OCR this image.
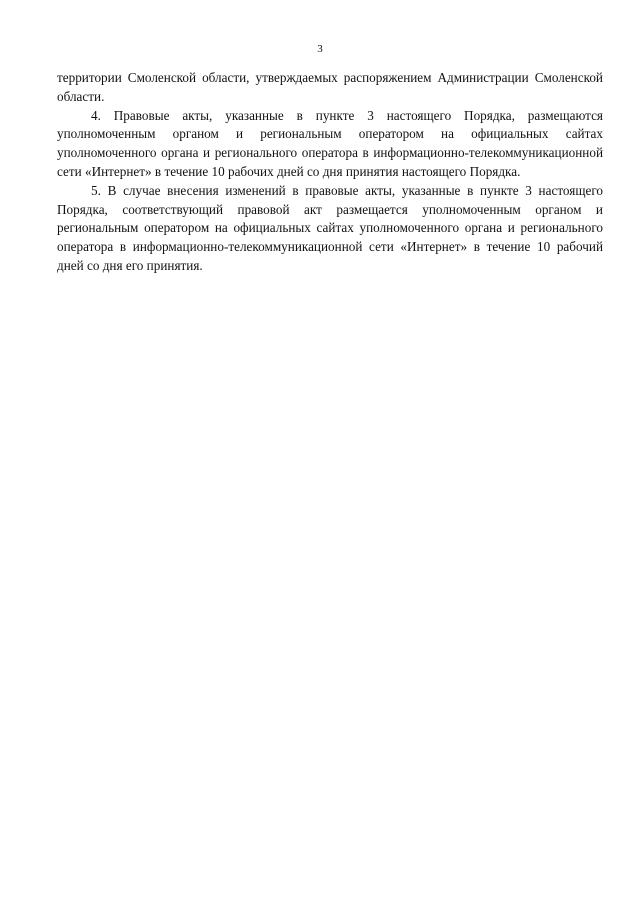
3

территории Смоленской области, утверждаемых распоряжением Администрации Смоленской области.

4. Правовые акты, указанные в пункте 3 настоящего Порядка, размещаются уполномоченным органом и региональным оператором на официальных сайтах уполномоченного органа и регионального оператора в информационно-телекоммуникационной сети «Интернет» в течение 10 рабочих дней со дня принятия настоящего Порядка.

5. В случае внесения изменений в правовые акты, указанные в пункте 3 настоящего Порядка, соответствующий правовой акт размещается уполномоченным органом и региональным оператором на официальных сайтах уполномоченного органа и регионального оператора в информационно-телекоммуникационной сети «Интернет» в течение 10 рабочий дней со дня его принятия.
